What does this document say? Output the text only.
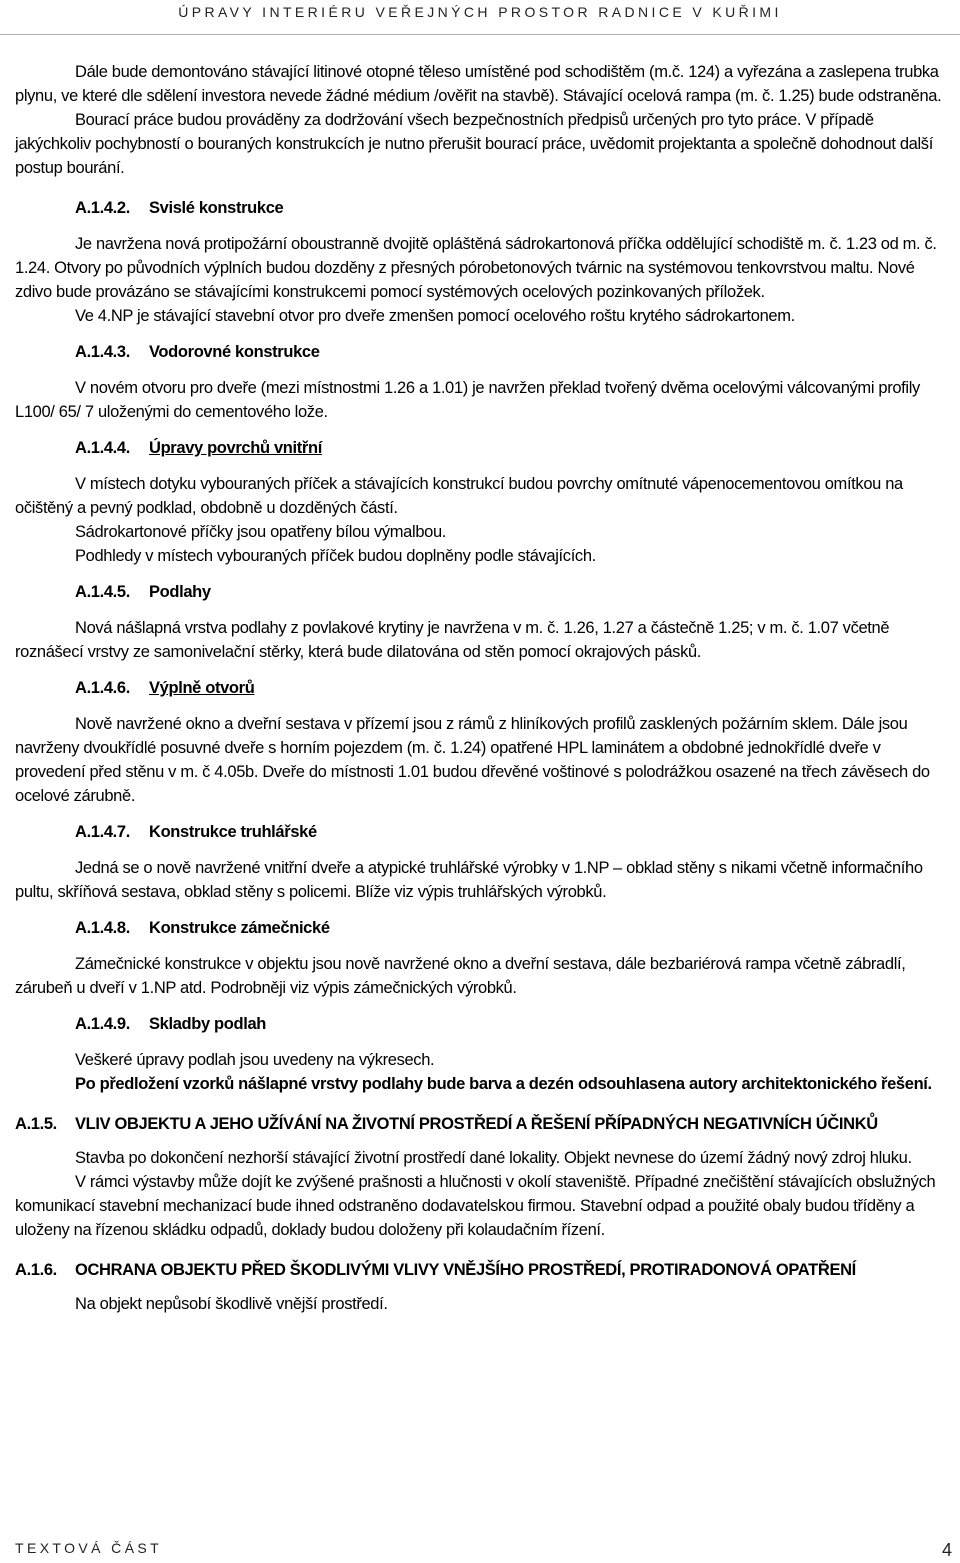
ÚPRAVY INTERIÉRU VEŘEJNÝCH PROSTOR RADNICE V KUŘIMI

Dále bude demontováno stávající litinové otopné těleso umístěné pod schodištěm (m.č. 124) a vyřezána a zaslepena trubka plynu, ve které dle sdělení investora nevede žádné médium /ověřit na stavbě). Stávající ocelová rampa (m. č. 1.25) bude odstraněna.

Bourací práce budou prováděny za dodržování všech bezpečnostních předpisů určených pro tyto práce. V případě jakýchkoliv pochybností o bouraných konstrukcích je nutno přerušit bourací práce, uvědomit projektanta a společně dohodnout další postup bourání.

A.1.4.2.	Svislé konstrukce

Je navržena nová protipožární oboustranně dvojitě opláštěná sádrokartonová příčka oddělující schodiště m. č. 1.23 od m. č. 1.24. Otvory po původních výplních budou dozděny z přesných pórobetonových tvárnic na systémovou tenkovrstvou maltu. Nové zdivo bude provázáno se stávajícími konstrukcemi pomocí systémových ocelových pozinkovaných příložek.

Ve 4.NP je stávající stavební otvor pro dveře zmenšen pomocí ocelového roštu krytého sádrokartonem.

A.1.4.3.	Vodorovné konstrukce

V novém otvoru pro dveře (mezi místnostmi 1.26 a 1.01) je navržen překlad tvořený dvěma ocelovými válcovanými profily L100/ 65/ 7 uloženými do cementového lože.

A.1.4.4.	Úpravy povrchů vnitřní

V místech dotyku vybouraných příček a stávajících konstrukcí budou povrchy omítnuté vápenocementovou omítkou na očištěný a pevný podklad, obdobně u dozděných částí.

Sádrokartonové příčky jsou opatřeny bílou výmalbou.

Podhledy v místech vybouraných příček budou doplněny podle stávajících.

A.1.4.5.	Podlahy

Nová nášlapná vrstva podlahy z povlakové krytiny je navržena v m. č. 1.26, 1.27 a částečně 1.25; v m. č. 1.07 včetně roznášecí vrstvy ze samonivelační stěrky, která bude dilatována od stěn pomocí okrajových pásků.

A.1.4.6.	Výplně otvorů

Nově navržené okno a dveřní sestava v přízemí jsou z rámů z hliníkových profilů zasklených požárním sklem. Dále jsou navrženy dvoukřídlé posuvné dveře s horním pojezdem (m. č. 1.24) opatřené HPL laminátem a obdobné jednokřídlé dveře v provedení před stěnu v m. č 4.05b. Dveře do místnosti 1.01 budou dřevěné voštinové s polodrážkou osazené na třech závěsech do ocelové zárubně.

A.1.4.7.	Konstrukce truhlářské

Jedná se o nově navržené vnitřní dveře a atypické truhlářské výrobky v 1.NP – obklad stěny s nikami včetně informačního pultu, skříňová sestava, obklad stěny s policemi. Blíže viz výpis truhlářských výrobků.

A.1.4.8.	Konstrukce zámečnické

Zámečnické konstrukce v objektu jsou nově navržené okno a dveřní sestava, dále bezbariérová rampa včetně zábradlí, zárubeň u dveří v 1.NP atd. Podrobněji viz výpis zámečnických výrobků.

A.1.4.9.	Skladby podlah

Veškeré úpravy podlah jsou uvedeny na výkresech.

Po předložení vzorků nášlapné vrstvy podlahy bude barva a dezén odsouhlasena autory architektonického řešení.

A.1.5.	VLIV OBJEKTU A JEHO UŽÍVÁNÍ NA ŽIVOTNÍ PROSTŘEDÍ A ŘEŠENÍ PŘÍPADNÝCH NEGATIVNÍCH ÚČINKŮ

Stavba po dokončení nezhorší stávající životní prostředí dané lokality. Objekt nevnese do území žádný nový zdroj hluku.

V rámci výstavby může dojít ke zvýšené prašnosti a hlučnosti v okolí staveniště. Případné znečištění stávajících obslužných komunikací stavební mechanizací bude ihned odstraněno dodavatelskou firmou. Stavební odpad a použité obaly budou tříděny a uloženy na řízenou skládku odpadů, doklady budou doloženy při kolaudačním řízení.

A.1.6.	OCHRANA OBJEKTU PŘED ŠKODLIVÝMI VLIVY VNĚJŠÍHO PROSTŘEDÍ, PROTIRADONOVÁ OPATŘENÍ

Na objekt nepůsobí škodlivě vnější prostředí.

TEXTOVÁ ČÁST	4
